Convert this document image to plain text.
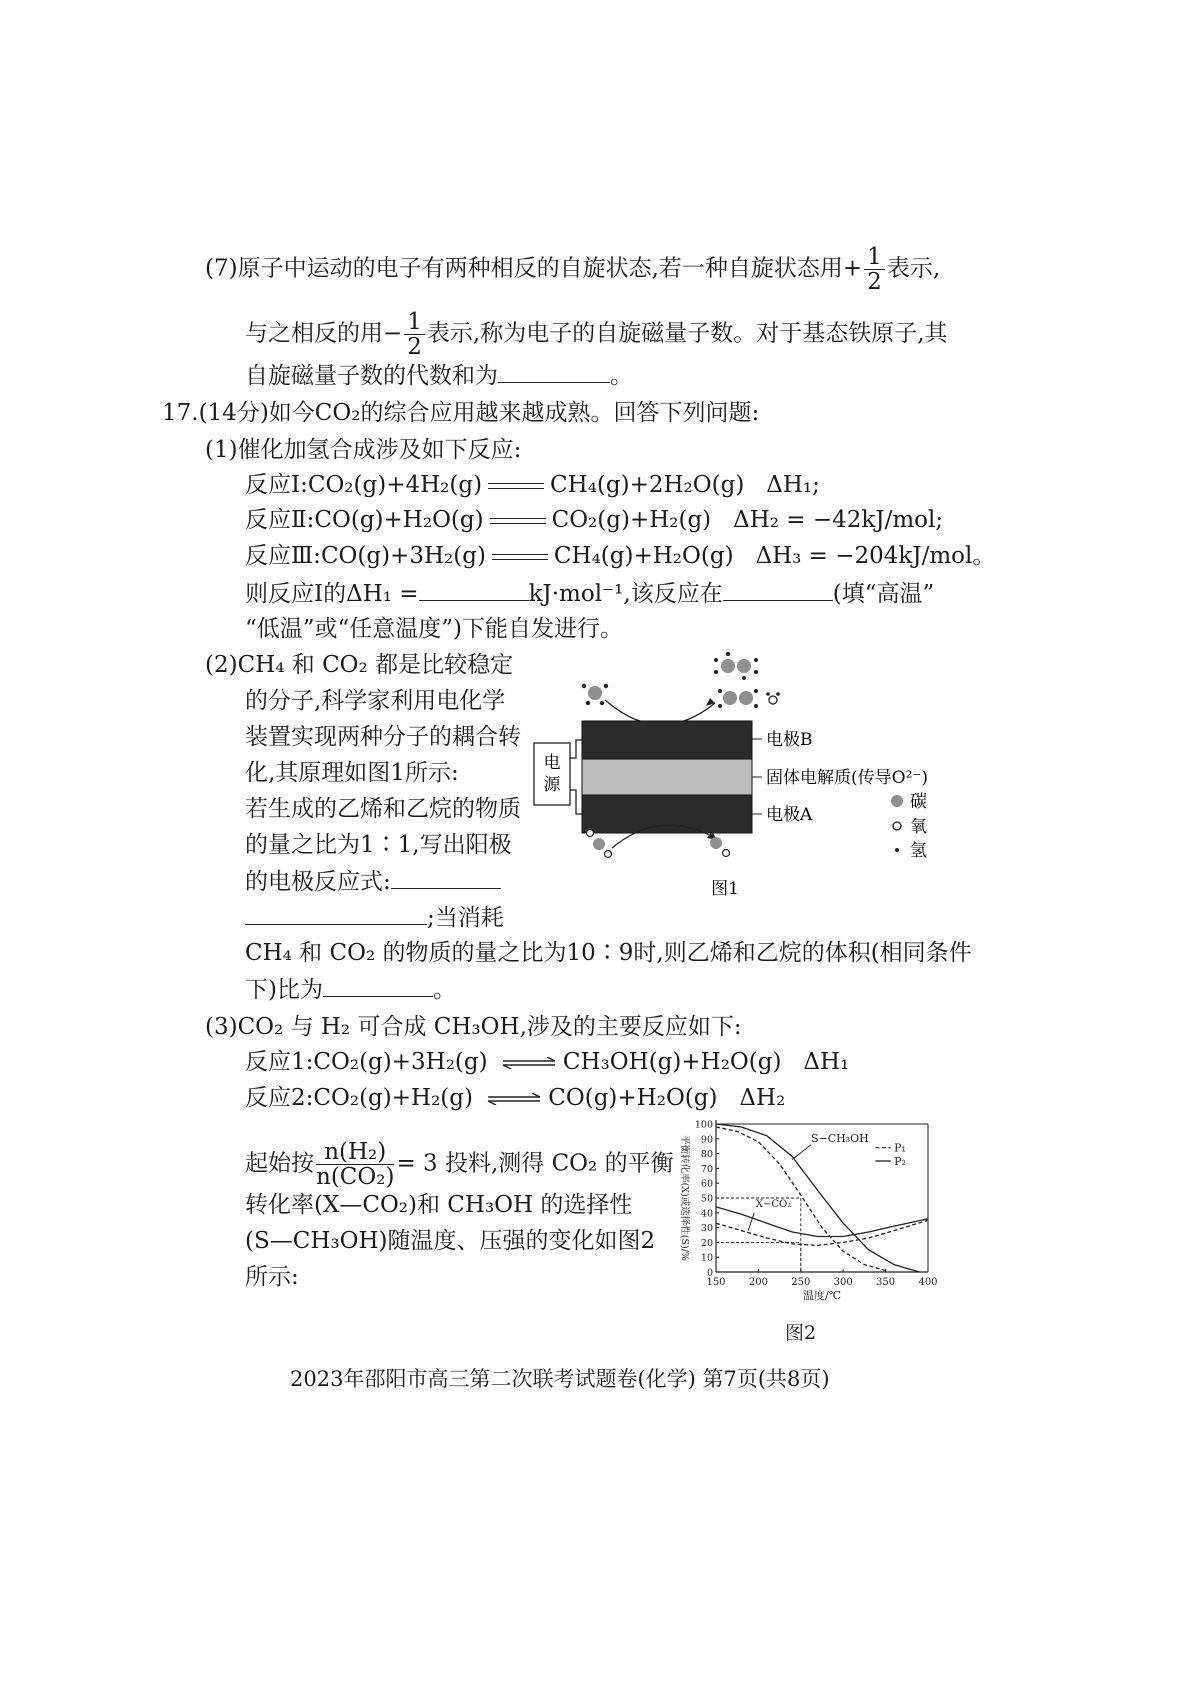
(7)原子中运动的电子有两种相反的自旋状态,若一种自旋状态用+ $\frac{1}{2}$ 表示,
与之相反的用− $\frac{1}{2}$ 表示,称为电子的自旋磁量子数。对于基态铁原子,其
自旋磁量子数的代数和为	。
17.(14分)如今CO₂的综合应用越来越成熟。回答下列问题:
(1)催化加氢合成涉及如下反应:
反应Ⅰ:CO₂(g)+4H₂(g)	CH₄(g)+2H₂O(g) ΔH₁;
反应Ⅱ:CO(g)+H₂O(g)	CO₂(g)+H₂(g) ΔH₂ = −42kJ/mol;
反应Ⅲ:CO(g)+3H₂(g)	CH₄(g)+H₂O(g) ΔH₃ = −204kJ/mol。
则反应Ⅰ的ΔH₁ =	kJ·mol⁻¹,该反应在	(填“高温”
“低温”或“任意温度”)下能自发进行。
(2)CH₄ 和 CO₂ 都是比较稳定
的分子,科学家利用电化学
装置实现两种分子的耦合转
化,其原理如图1所示:
若生成的乙烯和乙烷的物质
的量之比为1∶1,写出阳极
的电极反应式:
;当消耗
CH₄ 和 CO₂ 的物质的量之比为10∶9时,则乙烯和乙烷的体积(相同条件
下)比为	。
电
源
电极B
固体电解质(传导O²⁻)
电极A
碳
氧
氢
图1
(3)CO₂ 与 H₂ 可合成 CH₃OH,涉及的主要反应如下:
反应1:CO₂(g)+3H₂(g) ⇌ CH₃OH(g)+H₂O(g) ΔH₁
反应2:CO₂(g)+H₂(g) ⇌ CO(g)+H₂O(g) ΔH₂
起始按 $\frac{\text{n(H₂)}}{\text{n(CO₂)}} = 3$ 投料,测得 CO₂ 的平衡
转化率(X—CO₂)和 CH₃OH 的选择性
(S—CH₃OH)随温度、压强的变化如图2
所示:	150 200 250 300 350 400
0
10
20
30
40
50
60
70
80
90
100
温度/℃
平衡转化率(X)或选择性(S)/%	S−CH₃OH
X−CO₂
P₁
P₂
图2
2023年邵阳市高三第二次联考试题卷(化学) 第7页(共8页)
